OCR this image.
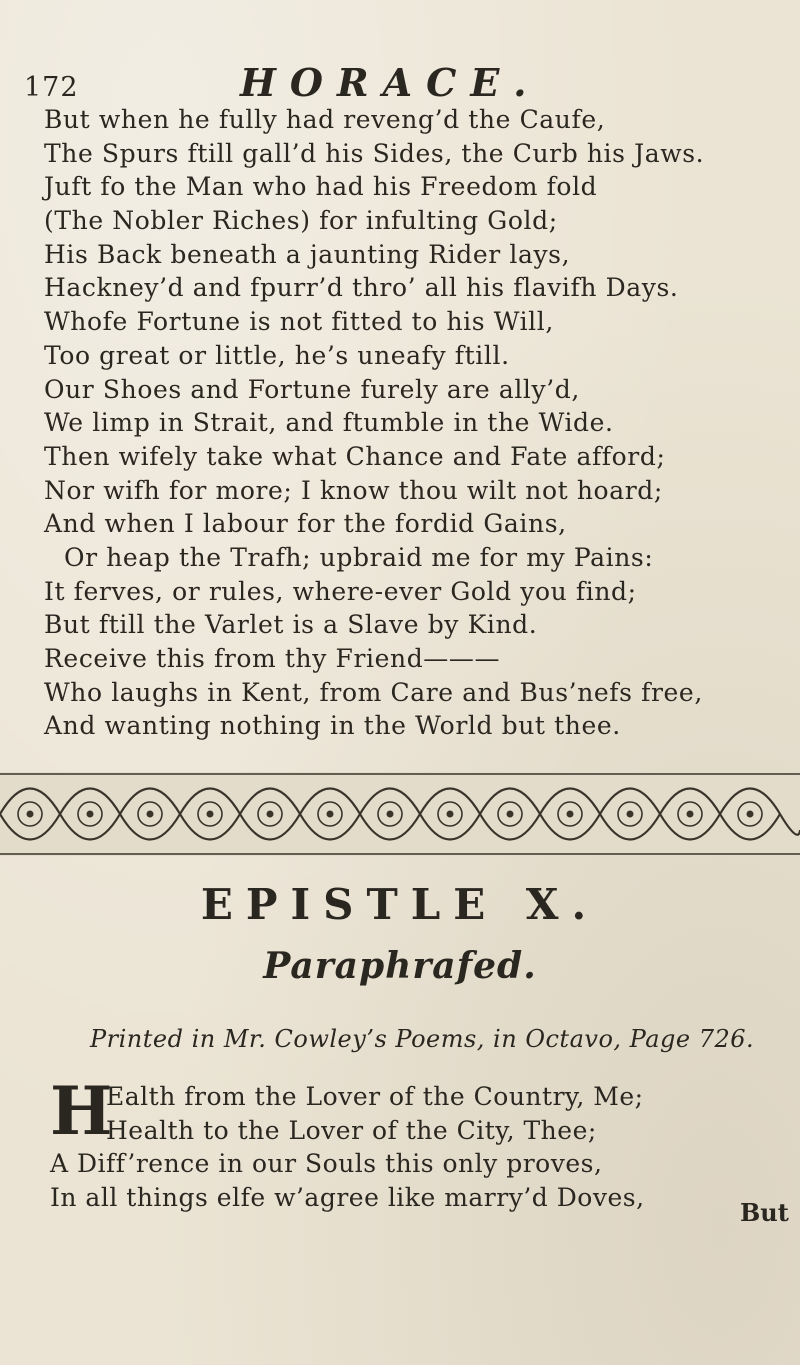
172	HORACE.
But when he fully had reveng’d the Caufe,
The Spurs ftill gall’d his Sides, the Curb his Jaws.
Juft fo the Man who had his Freedom fold
(The Nobler Riches) for infulting Gold;
His Back beneath a jaunting Rider lays,
Hackney’d and fpurr’d thro’ all his flavifh Days.
Whofe Fortune is not fitted to his Will,
Too great or little, he’s uneafy ftill.
Our Shoes and Fortune furely are ally’d,
We limp in Strait, and ftumble in the Wide.
Then wifely take what Chance and Fate afford;
Nor wifh for more; I know thou wilt not hoard;
And when I labour for the fordid Gains,
Or heap the Trafh; upbraid me for my Pains:
It ferves, or rules, where-ever Gold you find;
But ftill the Varlet is a Slave by Kind.
Receive this from thy Friend———
Who laughs in Kent, from Care and Bus’nefs free,
And wanting nothing in the World but thee.
EPISTLE X.
Paraphrafed.
Printed in Mr. Cowley’s Poems, in Octavo, Page 726.
H
Ealth from the Lover of the Country, Me;
Health to the Lover of the City, Thee;
A Diff’rence in our Souls this only proves,
In all things elfe w’agree like marry’d Doves,
But
